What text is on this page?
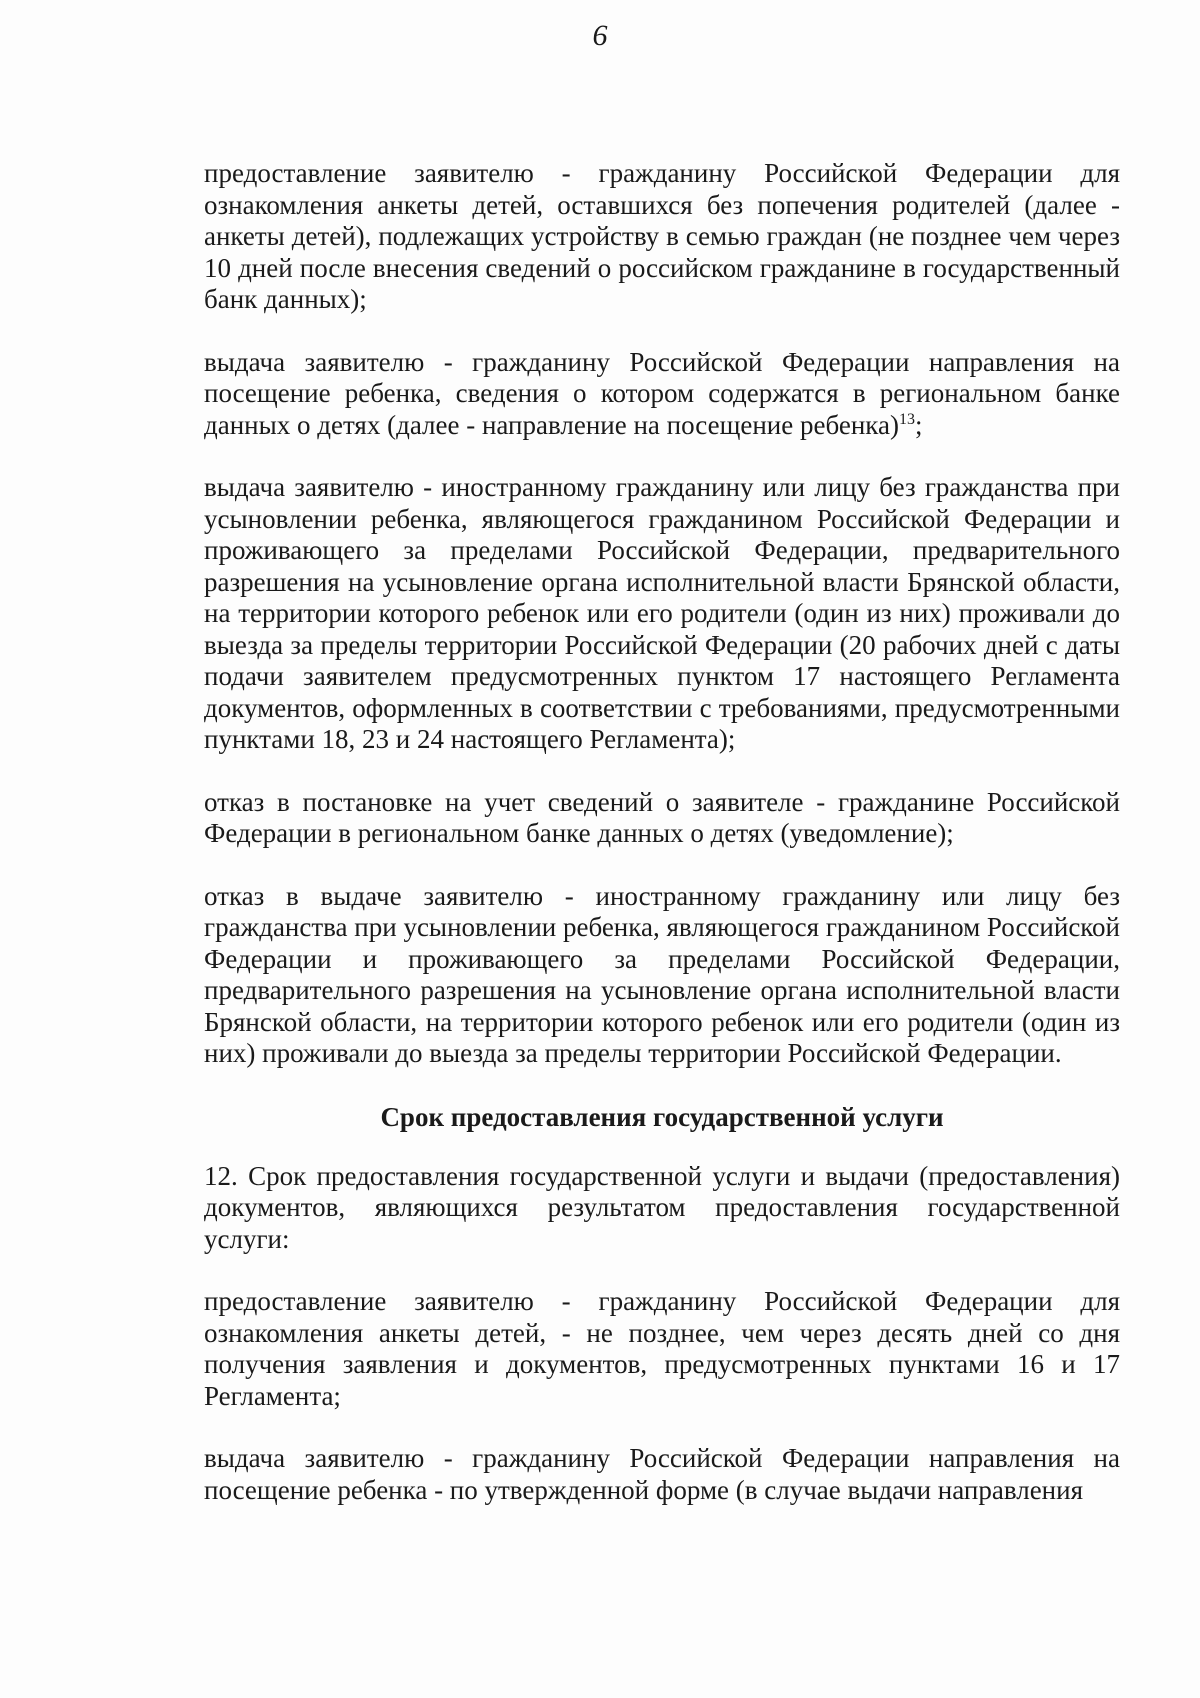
6

предоставление заявителю - гражданину Российской Федерации для ознакомления анкеты детей, оставшихся без попечения родителей (далее - анкеты детей), подлежащих устройству в семью граждан (не позднее чем через 10 дней после внесения сведений о российском гражданине в государственный банк данных);

выдача заявителю - гражданину Российской Федерации направления на посещение ребенка, сведения о котором содержатся в региональном банке данных о детях (далее - направление на посещение ребенка)$^{13}$;

выдача заявителю - иностранному гражданину или лицу без гражданства при усыновлении ребенка, являющегося гражданином Российской Федерации и проживающего за пределами Российской Федерации, предварительного разрешения на усыновление органа исполнительной власти Брянской области, на территории которого ребенок или его родители (один из них) проживали до выезда за пределы территории Российской Федерации (20 рабочих дней с даты подачи заявителем предусмотренных пунктом 17 настоящего Регламента документов, оформленных в соответствии с требованиями, предусмотренными пунктами 18, 23 и 24 настоящего Регламента);

отказ в постановке на учет сведений о заявителе - гражданине Российской Федерации в региональном банке данных о детях (уведомление);

отказ в выдаче заявителю - иностранному гражданину или лицу без гражданства при усыновлении ребенка, являющегося гражданином Российской Федерации и проживающего за пределами Российской Федерации, предварительного разрешения на усыновление органа исполнительной власти Брянской области, на территории которого ребенок или его родители (один из них) проживали до выезда за пределы территории Российской Федерации.

Срок предоставления государственной услуги

12. Срок предоставления государственной услуги и выдачи (предоставления) документов, являющихся результатом предоставления государственной услуги:

предоставление заявителю - гражданину Российской Федерации для ознакомления анкеты детей, - не позднее, чем через десять дней со дня получения заявления и документов, предусмотренных пунктами 16 и 17 Регламента;

выдача заявителю - гражданину Российской Федерации направления на посещение ребенка - по утвержденной форме (в случае выдачи направления
